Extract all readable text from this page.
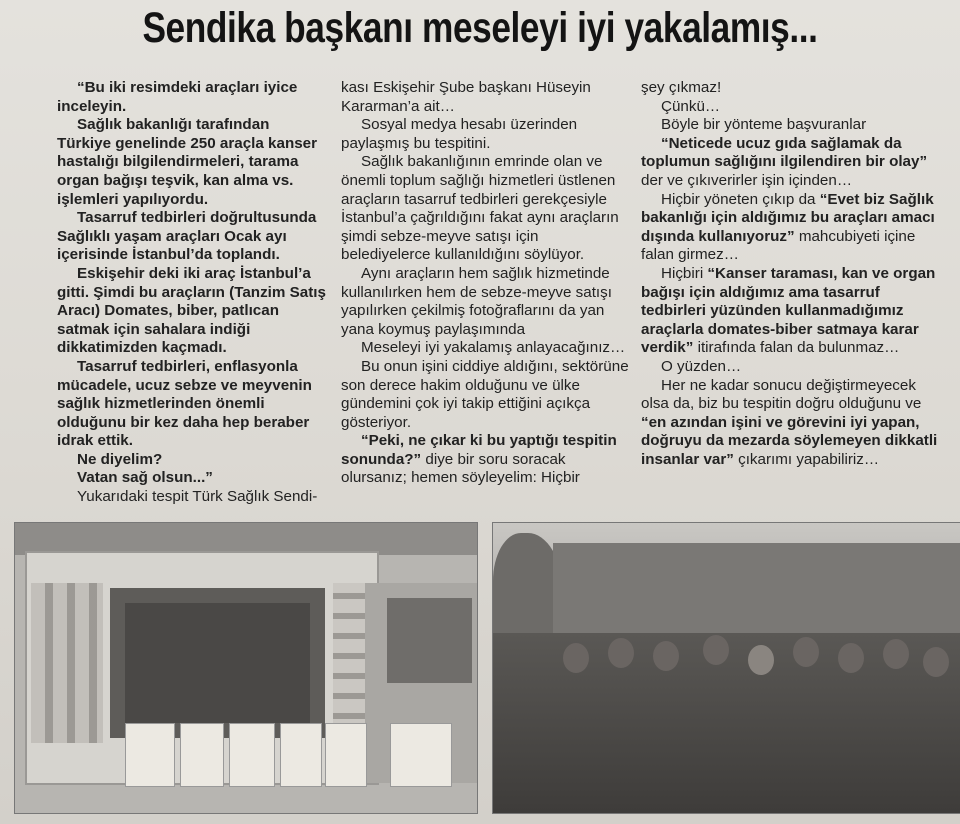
Sendika başkanı meseleyi iyi yakalamış...

“Bu iki resimdeki araçları iyice inceleyin.

Sağlık bakanlığı tarafından Türkiye genelinde 250 araçla kanser hastalığı bilgilendirmeleri, tarama organ bağışı teşvik, kan alma vs. işlemleri yapılıyordu.

Tasarruf tedbirleri doğrultusunda Sağlıklı yaşam araçları Ocak ayı içerisinde İstanbul’da toplandı.

Eskişehir deki iki araç İstanbul’a gitti. Şimdi bu araçların (Tanzim Satış Aracı) Domates, biber, patlıcan satmak için sahalara indiği dikkatimizden kaçmadı.

Tasarruf tedbirleri, enflasyonla mücadele, ucuz sebze ve meyvenin sağlık hizmetlerinden önemli olduğunu bir kez daha hep beraber idrak ettik.

Ne diyelim?

Vatan sağ olsun...”

Yukarıdaki tespit Türk Sağlık Sendi-

kası Eskişehir Şube başkanı Hüseyin Kararman’a ait…

Sosyal medya hesabı üzerinden paylaşmış bu tespitini.

Sağlık bakanlığının emrinde olan ve önemli toplum sağlığı hizmetleri üstlenen araçların tasarruf tedbirleri gerekçesiyle İstanbul’a çağrıldığını fakat aynı araçların şimdi sebze-meyve satışı için belediyelerce kullanıldığını söylüyor.

Aynı araçların hem sağlık hizmetinde kullanılırken hem de sebze-meyve satışı yapılırken çekilmiş fotoğraflarını da yan yana koymuş paylaşımında

Meseleyi iyi yakalamış anlayacağınız…

Bu onun işini ciddiye aldığını, sektörüne son derece hakim olduğunu ve ülke gündemini çok iyi takip ettiğini açıkça gösteriyor.

“Peki, ne çıkar ki bu yaptığı tespitin sonunda?” diye bir soru soracak olursanız; hemen söyleyelim: Hiçbir

şey çıkmaz!

Çünkü…

Böyle bir yönteme başvuranlar

“Neticede ucuz gıda sağlamak da toplumun sağlığını ilgilendiren bir olay” der ve çıkıverirler işin içinden…

Hiçbir yöneten çıkıp da “Evet biz Sağlık bakanlığı için aldığımız bu araçları amacı dışında kullanıyoruz” mahcubiyeti içine falan girmez…

Hiçbiri “Kanser taraması, kan ve organ bağışı için aldığımız ama tasarruf tedbirleri yüzünden kullanmadığımız araçlarla domates-biber satmaya karar verdik” itirafında falan da bulunmaz…

O yüzden…

Her ne kadar sonucu değiştirmeyecek olsa da, biz bu tespitin doğru olduğunu ve “en azından işini ve görevini iyi yapan, doğruyu da mezarda söylemeyen dikkatli insanlar var” çıkarımı yapabiliriz…
